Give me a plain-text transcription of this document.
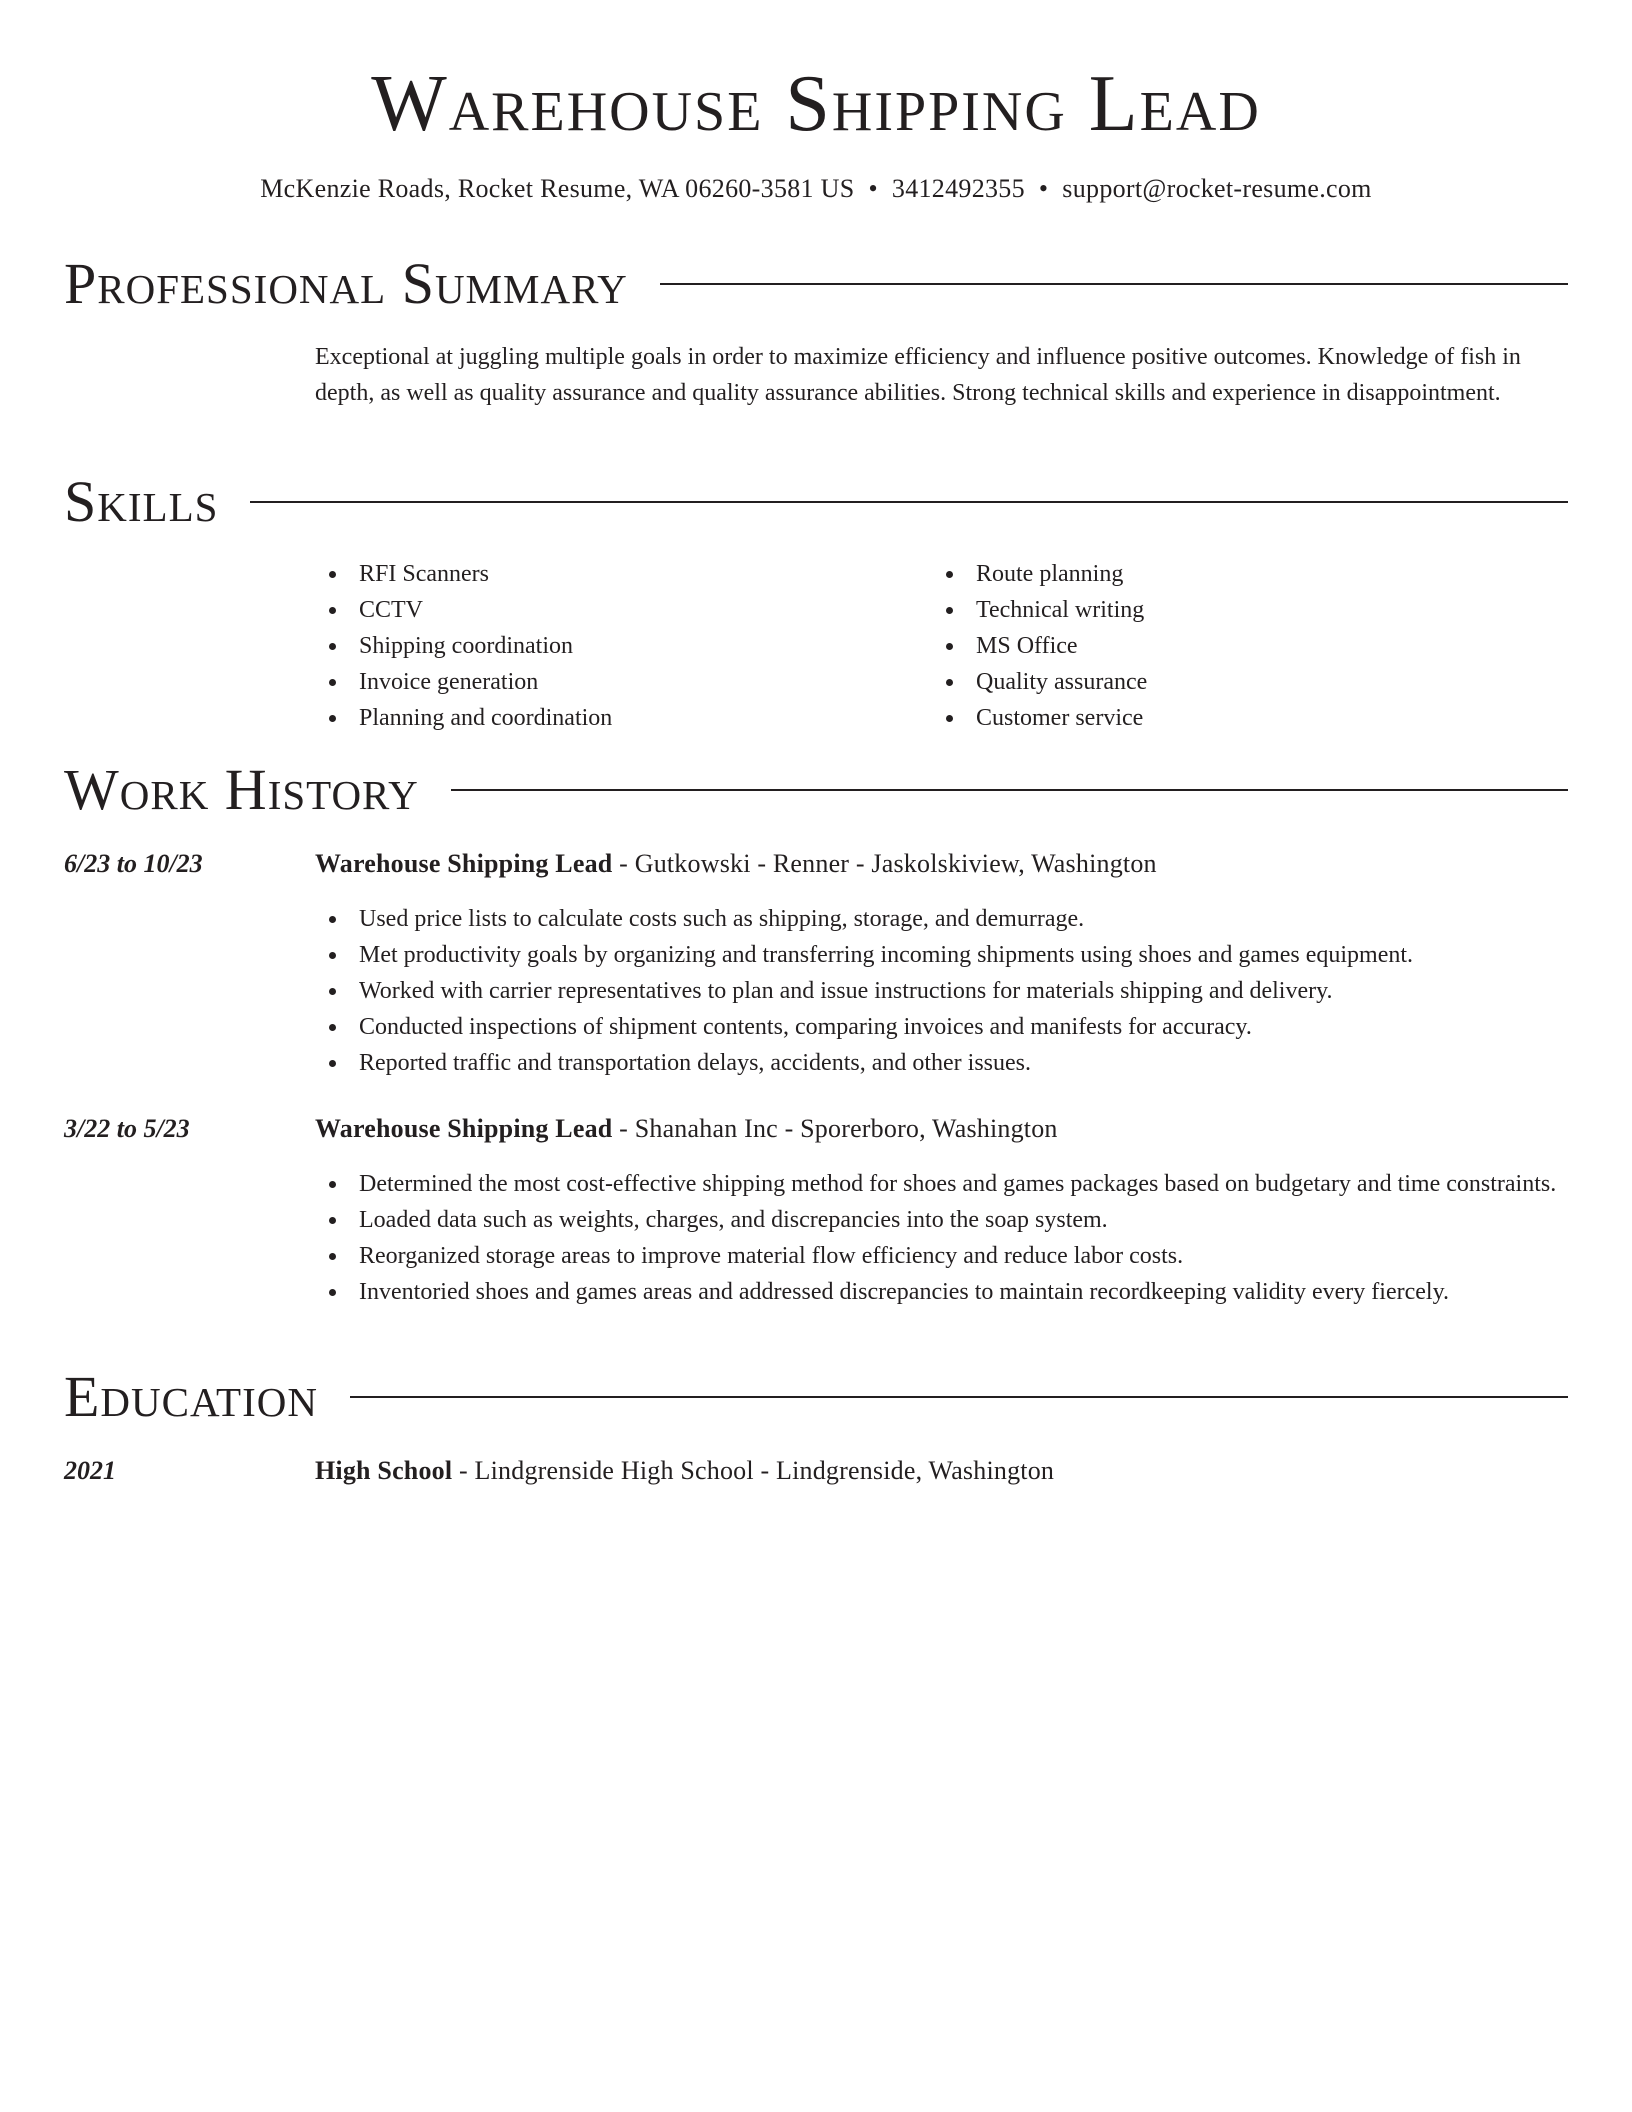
Warehouse Shipping Lead
McKenzie Roads, Rocket Resume, WA 06260-3581 US • 3412492355 • support@rocket-resume.com
Professional Summary
Exceptional at juggling multiple goals in order to maximize efficiency and influence positive outcomes. Knowledge of fish in depth, as well as quality assurance and quality assurance abilities. Strong technical skills and experience in disappointment.
Skills
RFI Scanners
CCTV
Shipping coordination
Invoice generation
Planning and coordination
Route planning
Technical writing
MS Office
Quality assurance
Customer service
Work History
6/23 to 10/23	Warehouse Shipping Lead - Gutkowski - Renner - Jaskolskiview, Washington
Used price lists to calculate costs such as shipping, storage, and demurrage.
Met productivity goals by organizing and transferring incoming shipments using shoes and games equipment.
Worked with carrier representatives to plan and issue instructions for materials shipping and delivery.
Conducted inspections of shipment contents, comparing invoices and manifests for accuracy.
Reported traffic and transportation delays, accidents, and other issues.
3/22 to 5/23	Warehouse Shipping Lead - Shanahan Inc - Sporerboro, Washington
Determined the most cost-effective shipping method for shoes and games packages based on budgetary and time constraints.
Loaded data such as weights, charges, and discrepancies into the soap system.
Reorganized storage areas to improve material flow efficiency and reduce labor costs.
Inventoried shoes and games areas and addressed discrepancies to maintain recordkeeping validity every fiercely.
Education
2021	High School - Lindgrenside High School - Lindgrenside, Washington
